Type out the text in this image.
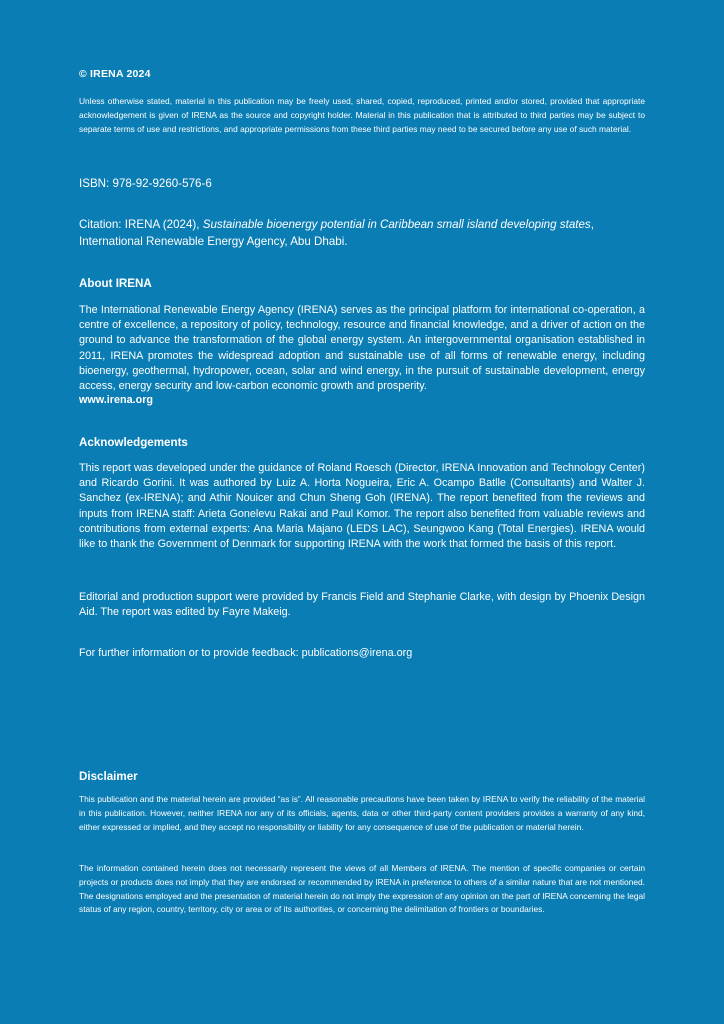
© IRENA 2024
Unless otherwise stated, material in this publication may be freely used, shared, copied, reproduced, printed and/or stored, provided that appropriate acknowledgement is given of IRENA as the source and copyright holder. Material in this publication that is attributed to third parties may be subject to separate terms of use and restrictions, and appropriate permissions from these third parties may need to be secured before any use of such material.
ISBN: 978-92-9260-576-6
Citation: IRENA (2024), Sustainable bioenergy potential in Caribbean small island developing states, International Renewable Energy Agency, Abu Dhabi.
About IRENA
The International Renewable Energy Agency (IRENA) serves as the principal platform for international co-operation, a centre of excellence, a repository of policy, technology, resource and financial knowledge, and a driver of action on the ground to advance the transformation of the global energy system. An intergovernmental organisation established in 2011, IRENA promotes the widespread adoption and sustainable use of all forms of renewable energy, including bioenergy, geothermal, hydropower, ocean, solar and wind energy, in the pursuit of sustainable development, energy access, energy security and low-carbon economic growth and prosperity.
www.irena.org
Acknowledgements
This report was developed under the guidance of Roland Roesch (Director, IRENA Innovation and Technology Center) and Ricardo Gorini. It was authored by Luiz A. Horta Nogueira, Eric A. Ocampo Batlle (Consultants) and Walter J. Sanchez (ex-IRENA); and Athir Nouicer and Chun Sheng Goh (IRENA). The report benefited from the reviews and inputs from IRENA staff: Arieta Gonelevu Rakai and Paul Komor. The report also benefited from valuable reviews and contributions from external experts: Ana Maria Majano (LEDS LAC), Seungwoo Kang (Total Energies). IRENA would like to thank the Government of Denmark for supporting IRENA with the work that formed the basis of this report.
Editorial and production support were provided by Francis Field and Stephanie Clarke, with design by Phoenix Design Aid. The report was edited by Fayre Makeig.
For further information or to provide feedback: publications@irena.org
Disclaimer
This publication and the material herein are provided “as is”. All reasonable precautions have been taken by IRENA to verify the reliability of the material in this publication. However, neither IRENA nor any of its officials, agents, data or other third-party content providers provides a warranty of any kind, either expressed or implied, and they accept no responsibility or liability for any consequence of use of the publication or material herein.
The information contained herein does not necessarily represent the views of all Members of IRENA. The mention of specific companies or certain projects or products does not imply that they are endorsed or recommended by IRENA in preference to others of a similar nature that are not mentioned. The designations employed and the presentation of material herein do not imply the expression of any opinion on the part of IRENA concerning the legal status of any region, country, territory, city or area or of its authorities, or concerning the delimitation of frontiers or boundaries.
